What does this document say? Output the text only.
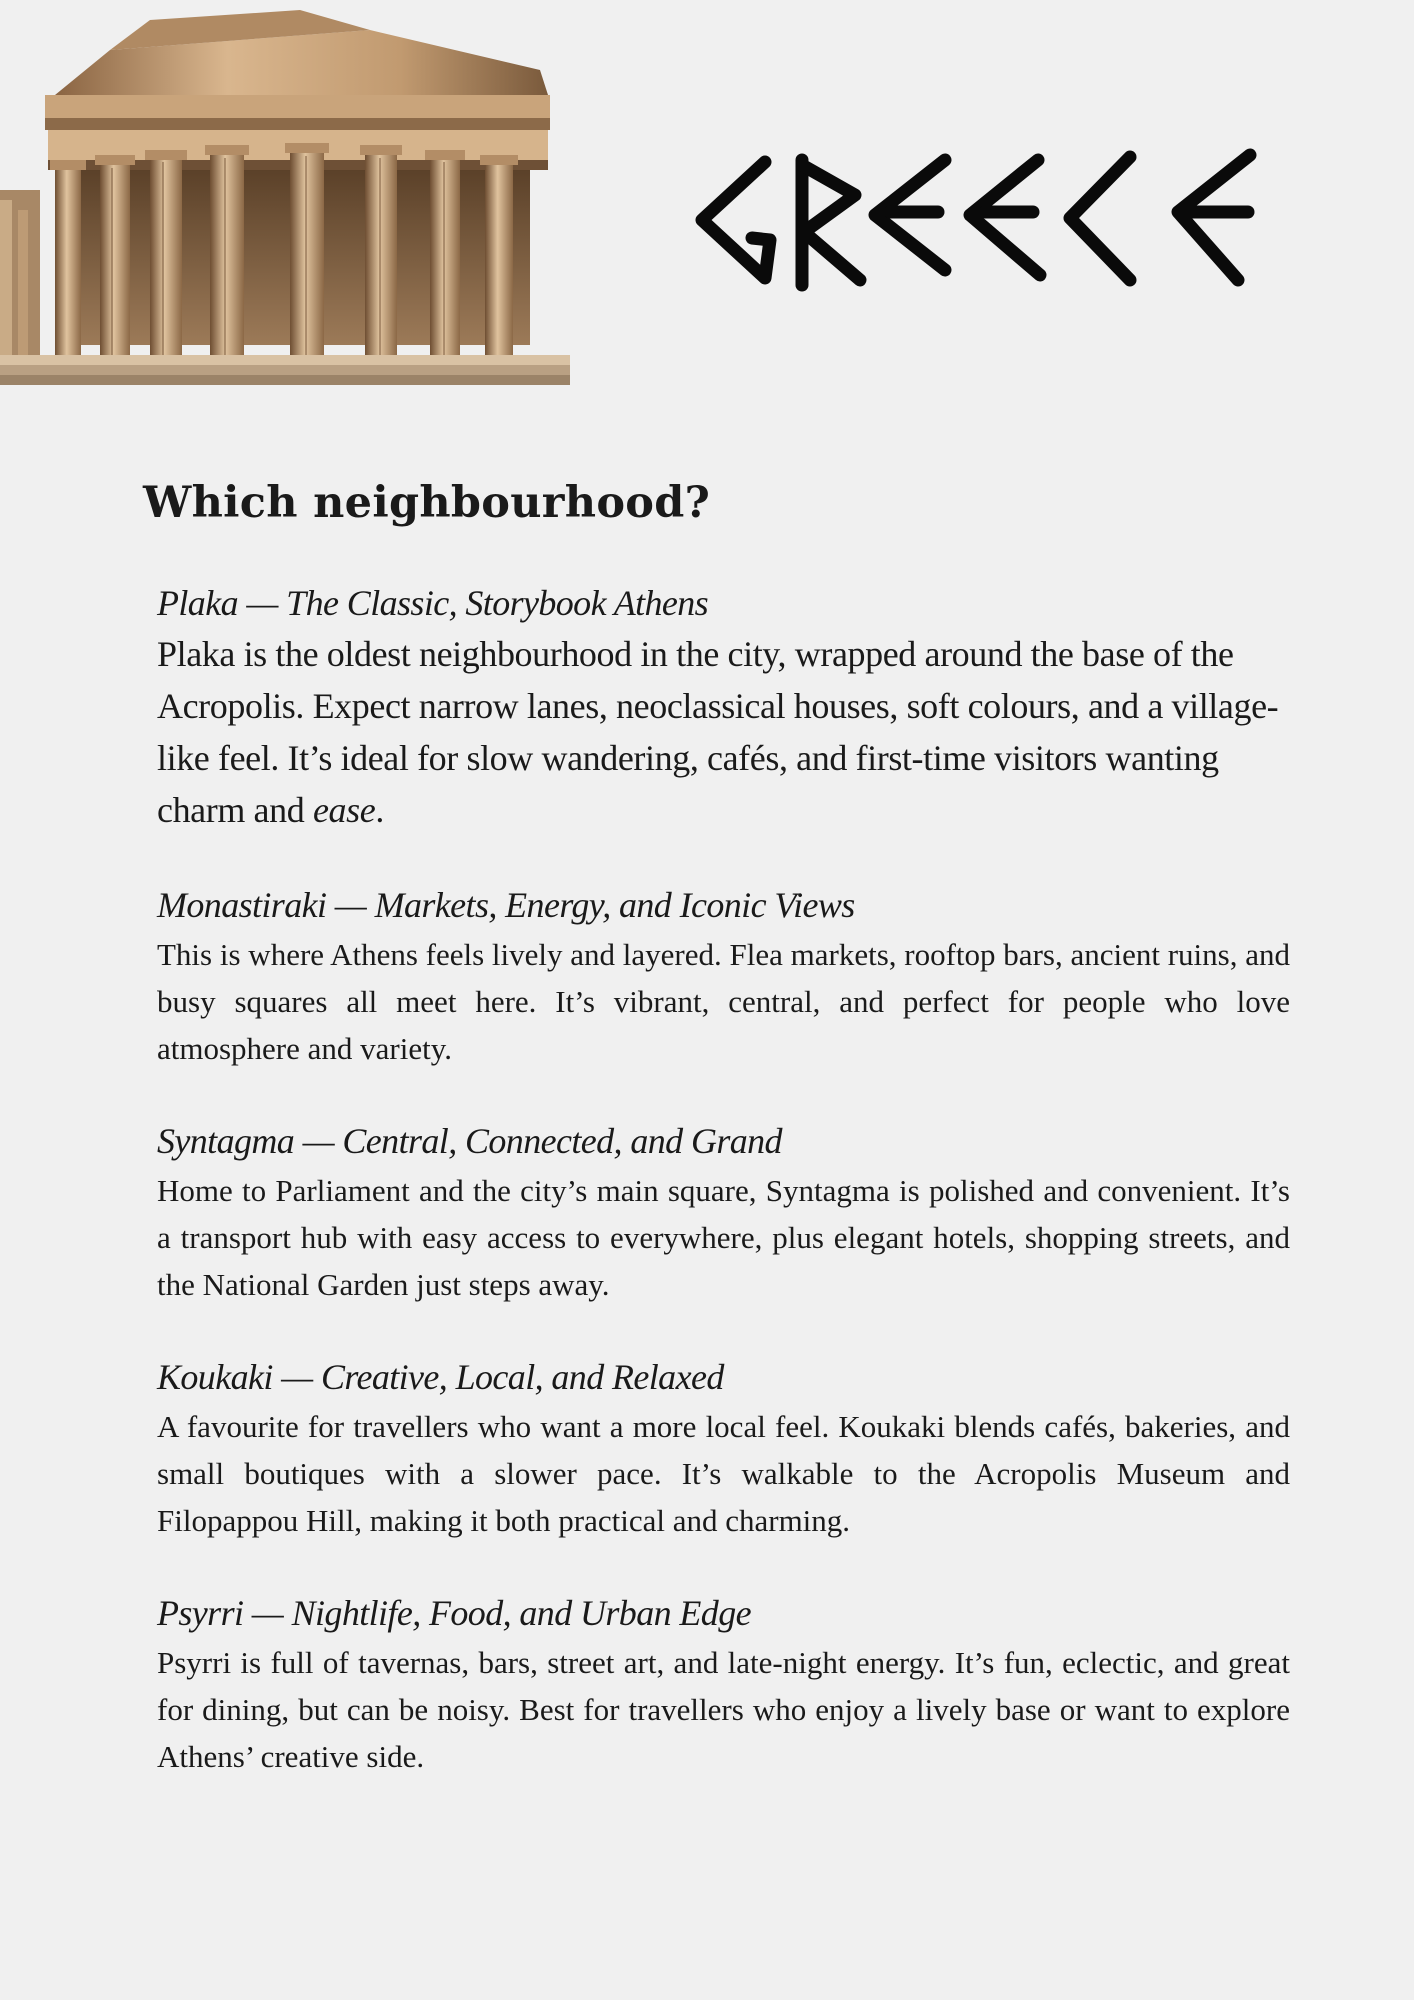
Which neighbourhood?
Plaka — The Classic, Storybook Athens

Plaka is the oldest neighbourhood in the city, wrapped around the base of the Acropolis. Expect narrow lanes, neoclassical houses, soft colours, and a village-like feel. It’s ideal for slow wandering, cafés, and first-time visitors wanting charm and ease.

Monastiraki — Markets, Energy, and Iconic Views

This is where Athens feels lively and layered. Flea markets, rooftop bars, ancient ruins, and busy squares all meet here. It’s vibrant, central, and perfect for people who love atmosphere and variety.

Syntagma — Central, Connected, and Grand

Home to Parliament and the city’s main square, Syntagma is polished and convenient. It’s a transport hub with easy access to everywhere, plus elegant hotels, shopping streets, and the National Garden just steps away.

Koukaki — Creative, Local, and Relaxed

A favourite for travellers who want a more local feel. Koukaki blends cafés, bakeries, and small boutiques with a slower pace. It’s walkable to the Acropolis Museum and Filopappou Hill, making it both practical and charming.

Psyrri — Nightlife, Food, and Urban Edge

Psyrri is full of tavernas, bars, street art, and late-night energy. It’s fun, eclectic, and great for dining, but can be noisy. Best for travellers who enjoy a lively base or want to explore Athens’ creative side.
